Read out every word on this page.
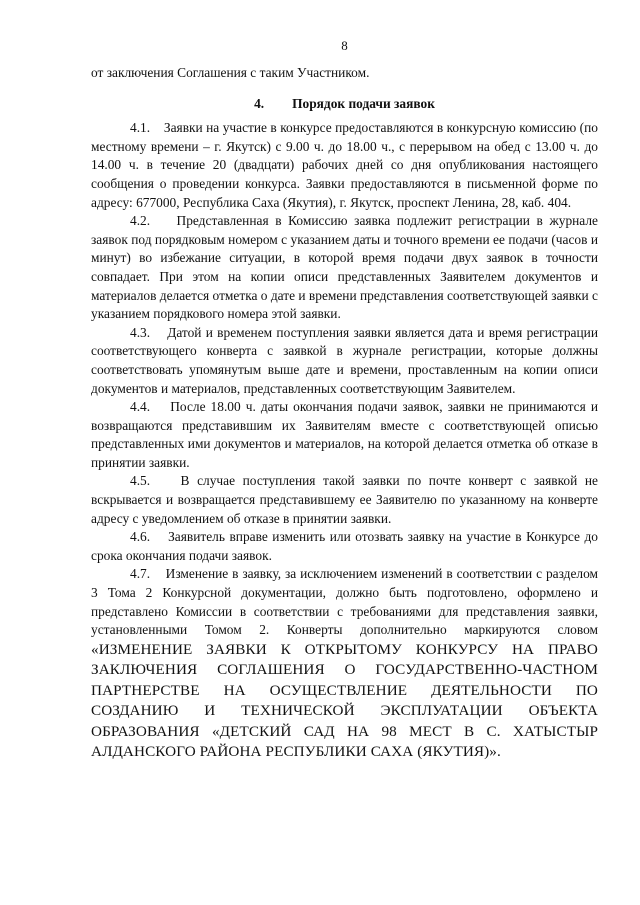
8

от заключения Соглашения с таким Участником.

4. Порядок подачи заявок

4.1.    Заявки на участие в конкурсе предоставляются в конкурсную комиссию (по местному времени – г. Якутск) с 9.00 ч. до 18.00 ч., с перерывом на обед с 13.00 ч. до 14.00 ч. в течение 20 (двадцати) рабочих дней со дня опубликования настоящего сообщения о проведении конкурса. Заявки предоставляются в письменной форме по адресу: 677000, Республика Саха (Якутия), г. Якутск, проспект Ленина, 28, каб. 404.

4.2.    Представленная в Комиссию заявка подлежит регистрации в журнале заявок под порядковым номером с указанием даты и точного времени ее подачи (часов и минут) во избежание ситуации, в которой время подачи двух заявок в точности совпадает. При этом на копии описи представленных Заявителем документов и материалов делается отметка о дате и времени представления соответствующей заявки с указанием порядкового номера этой заявки.

4.3.    Датой и временем поступления заявки является дата и время регистрации соответствующего конверта с заявкой в журнале регистрации, которые должны соответствовать упомянутым выше дате и времени, проставленным на копии описи документов и материалов, представленных соответствующим Заявителем.

4.4.    После 18.00 ч. даты окончания подачи заявок, заявки не принимаются и возвращаются представившим их Заявителям вместе с соответствующей описью представленных ими документов и материалов, на которой делается отметка об отказе в принятии заявки.

4.5.    В случае поступления такой заявки по почте конверт с заявкой не вскрывается и возвращается представившему ее Заявителю по указанному на конверте адресу с уведомлением об отказе в принятии заявки.

4.6.    Заявитель вправе изменить или отозвать заявку на участие в Конкурсе до срока окончания подачи заявок.

4.7.    Изменение в заявку, за исключением изменений в соответствии с разделом 3 Тома 2 Конкурсной документации, должно быть подготовлено, оформлено и представлено Комиссии в соответствии с требованиями для представления заявки, установленными Томом 2. Конверты дополнительно маркируются словом «ИЗМЕНЕНИЕ ЗАЯВКИ К ОТКРЫТОМУ КОНКУРСУ НА ПРАВО ЗАКЛЮЧЕНИЯ СОГЛАШЕНИЯ О ГОСУДАРСТВЕННО-ЧАСТНОМ ПАРТНЕРСТВЕ НА ОСУЩЕСТВЛЕНИЕ ДЕЯТЕЛЬНОСТИ ПО СОЗДАНИЮ И ТЕХНИЧЕСКОЙ ЭКСПЛУАТАЦИИ ОБЪЕКТА ОБРАЗОВАНИЯ «ДЕТСКИЙ САД НА 98 МЕСТ В С. ХАТЫСТЫР АЛДАНСКОГО РАЙОНА РЕСПУБЛИКИ САХА (ЯКУТИЯ)».
